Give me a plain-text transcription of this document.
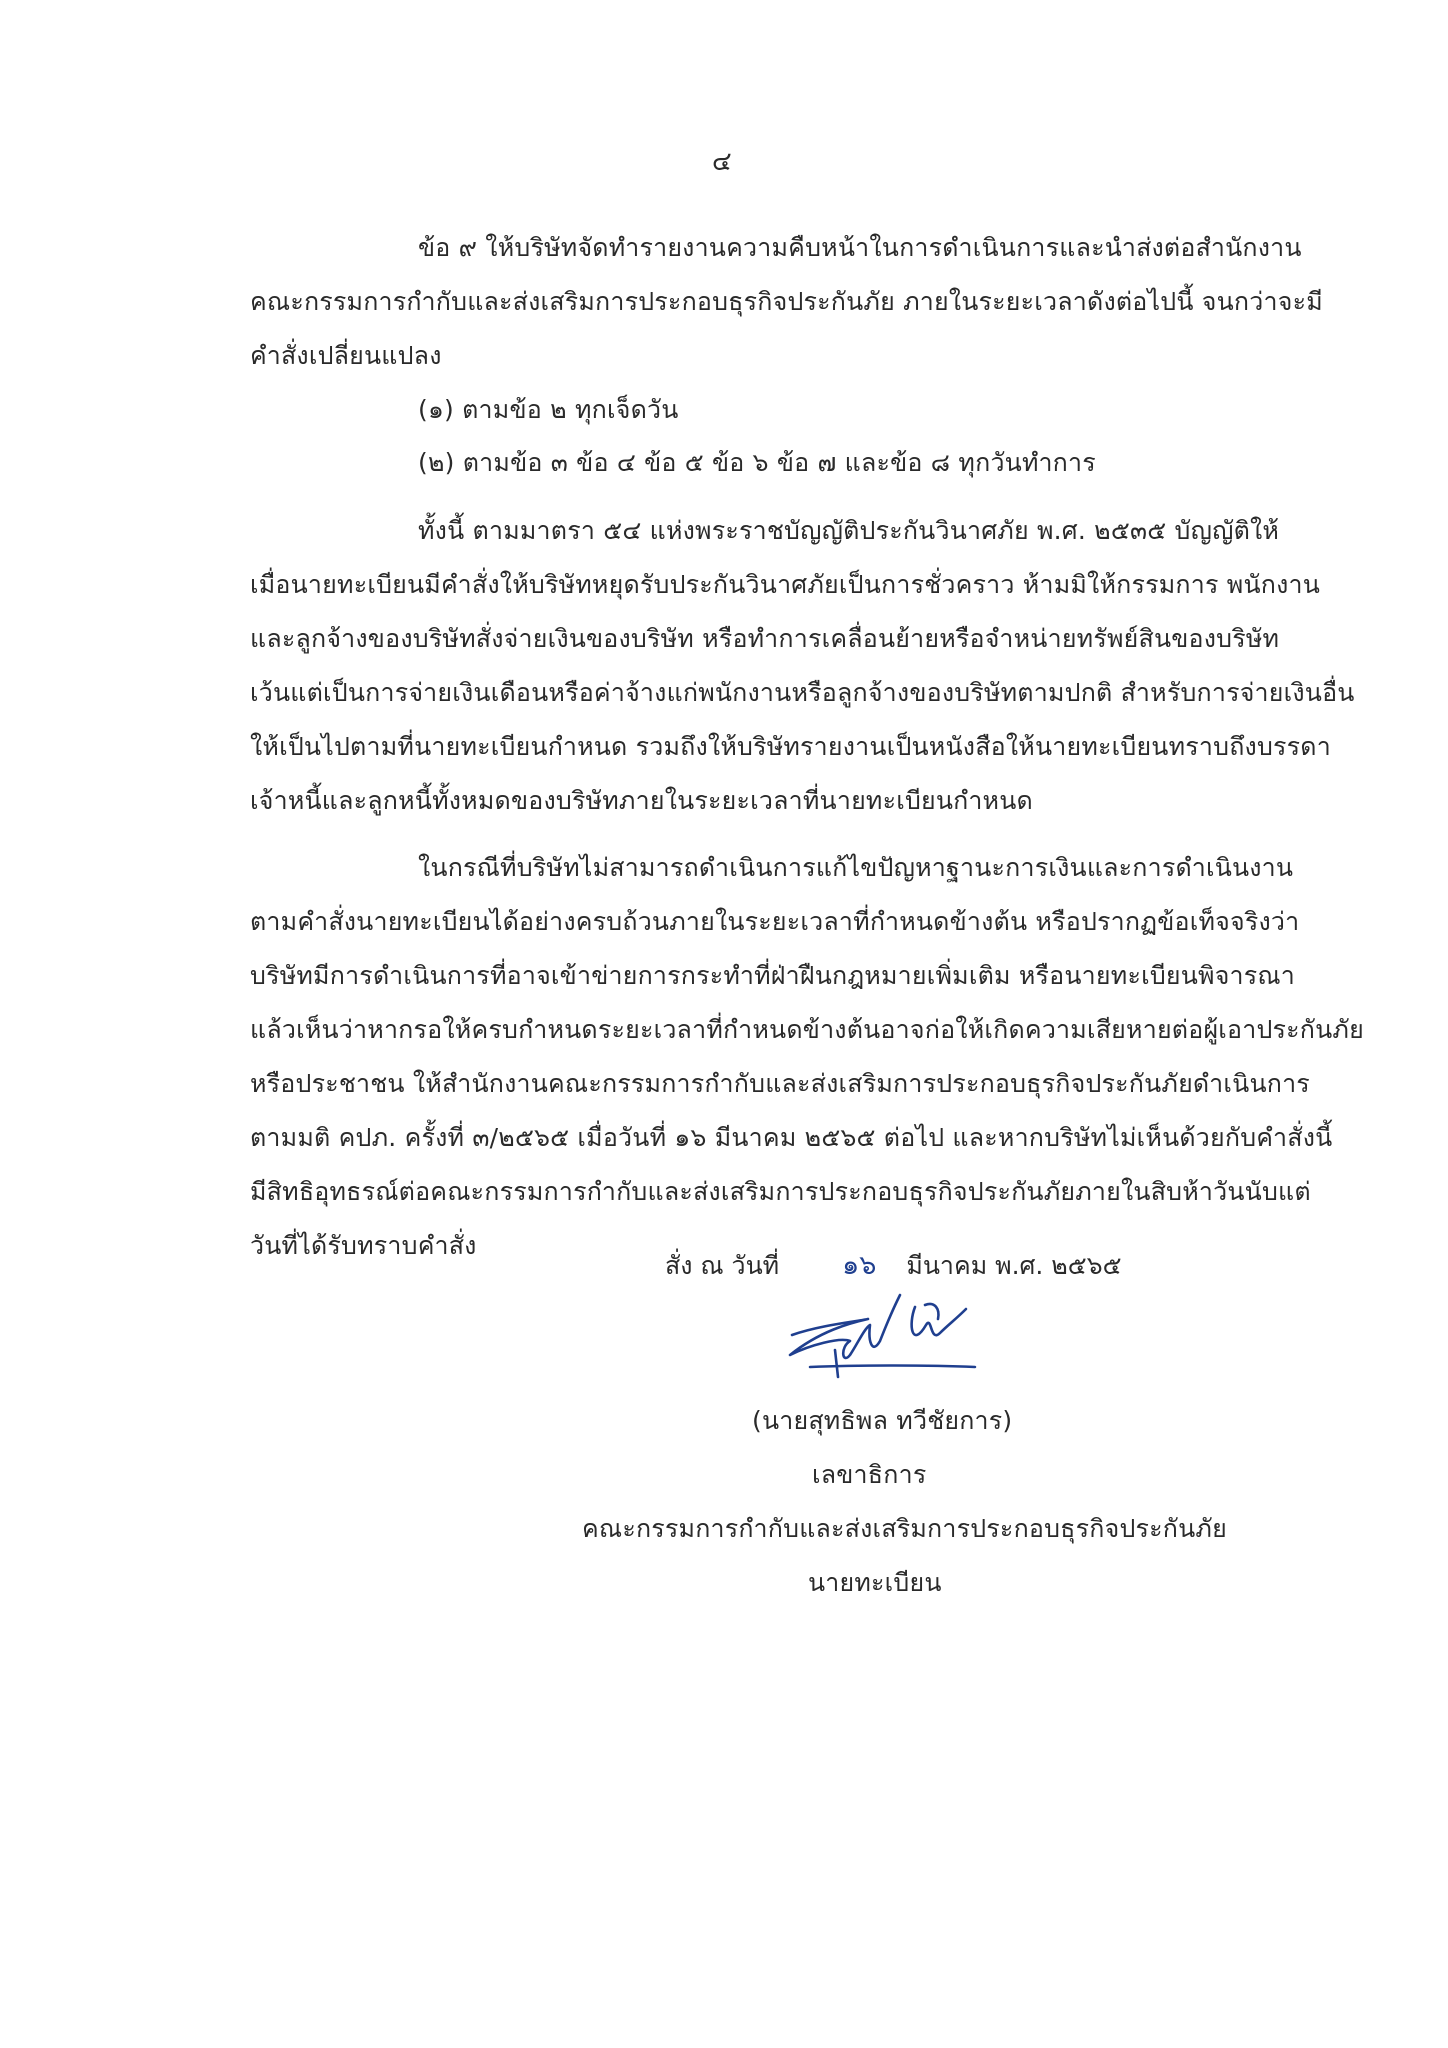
๔
ข้อ ๙ ให้บริษัทจัดทำรายงานความคืบหน้าในการดำเนินการและนำส่งต่อสำนักงาน
คณะกรรมการกำกับและส่งเสริมการประกอบธุรกิจประกันภัย ภายในระยะเวลาดังต่อไปนี้ จนกว่าจะมี
คำสั่งเปลี่ยนแปลง
(๑) ตามข้อ ๒ ทุกเจ็ดวัน
(๒) ตามข้อ ๓ ข้อ ๔ ข้อ ๕ ข้อ ๖ ข้อ ๗ และข้อ ๘ ทุกวันทำการ
ทั้งนี้ ตามมาตรา ๕๔ แห่งพระราชบัญญัติประกันวินาศภัย พ.ศ. ๒๕๓๕ บัญญัติให้
เมื่อนายทะเบียนมีคำสั่งให้บริษัทหยุดรับประกันวินาศภัยเป็นการชั่วคราว ห้ามมิให้กรรมการ พนักงาน
และลูกจ้างของบริษัทสั่งจ่ายเงินของบริษัท หรือทำการเคลื่อนย้ายหรือจำหน่ายทรัพย์สินของบริษัท
เว้นแต่เป็นการจ่ายเงินเดือนหรือค่าจ้างแก่พนักงานหรือลูกจ้างของบริษัทตามปกติ สำหรับการจ่ายเงินอื่น
ให้เป็นไปตามที่นายทะเบียนกำหนด รวมถึงให้บริษัทรายงานเป็นหนังสือให้นายทะเบียนทราบถึงบรรดา
เจ้าหนี้และลูกหนี้ทั้งหมดของบริษัทภายในระยะเวลาที่นายทะเบียนกำหนด
ในกรณีที่บริษัทไม่สามารถดำเนินการแก้ไขปัญหาฐานะการเงินและการดำเนินงาน
ตามคำสั่งนายทะเบียนได้อย่างครบถ้วนภายในระยะเวลาที่กำหนดข้างต้น หรือปรากฏข้อเท็จจริงว่า
บริษัทมีการดำเนินการที่อาจเข้าข่ายการกระทำที่ฝ่าฝืนกฎหมายเพิ่มเติม หรือนายทะเบียนพิจารณา
แล้วเห็นว่าหากรอให้ครบกำหนดระยะเวลาที่กำหนดข้างต้นอาจก่อให้เกิดความเสียหายต่อผู้เอาประกันภัย
หรือประชาชน ให้สำนักงานคณะกรรมการกำกับและส่งเสริมการประกอบธุรกิจประกันภัยดำเนินการ
ตามมติ คปภ. ครั้งที่ ๓/๒๕๖๕ เมื่อวันที่ ๑๖ มีนาคม ๒๕๖๕ ต่อไป และหากบริษัทไม่เห็นด้วยกับคำสั่งนี้
มีสิทธิอุทธรณ์ต่อคณะกรรมการกำกับและส่งเสริมการประกอบธุรกิจประกันภัยภายในสิบห้าวันนับแต่
วันที่ได้รับทราบคำสั่ง
สั่ง ณ วันที่ ๑๖ มีนาคม พ.ศ. ๒๕๖๕
(นายสุทธิพล ทวีชัยการ)
เลขาธิการ
คณะกรรมการกำกับและส่งเสริมการประกอบธุรกิจประกันภัย
นายทะเบียน
